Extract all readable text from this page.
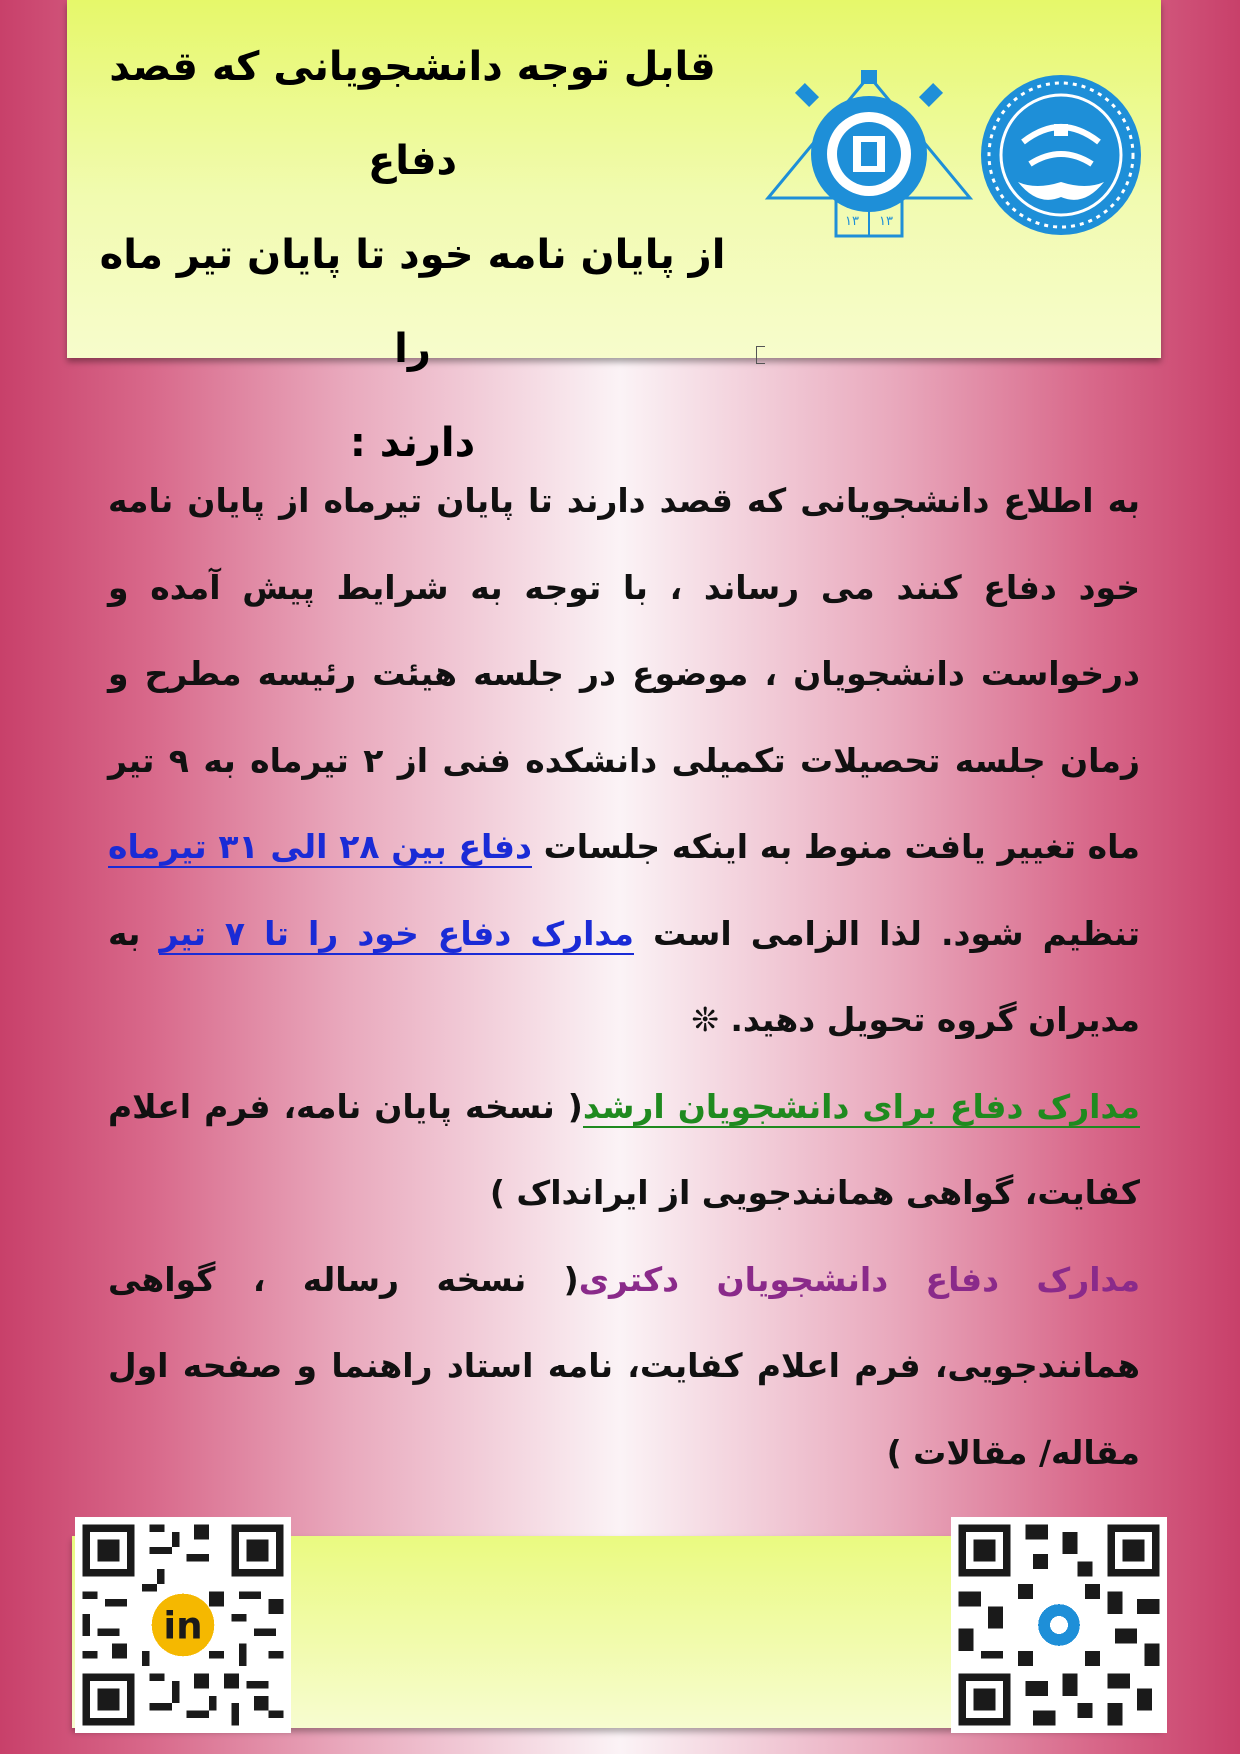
قابل توجه دانشجویانی که قصد دفاع
از پایان نامه خود تا پایان تیر ماه را
دارند :
۱۳ ۱۳

به اطلاع دانشجویانی که قصد دارند تا پایان تیرماه از پایان نامه خود دفاع کنند می رساند ، با توجه به شرایط پیش آمده و درخواست دانشجویان ، موضوع در جلسه هیئت رئیسه مطرح و زمان جلسه تحصیلات تکمیلی دانشکده فنی از ۲ تیرماه به ۹ تیر ماه تغییر یافت منوط به اینکه جلسات دفاع بین ۲۸ الی ۳۱ تیرماه تنظیم شود. لذا الزامی است مدارک دفاع خود را تا ۷ تیر به مدیران گروه تحویل دهید. ❊

مدارک دفاع برای دانشجویان ارشد( نسخه پایان نامه، فرم اعلام کفایت، گواهی همانندجویی از ایرانداک )

مدارک دفاع دانشجویان دکتری( نسخه رساله ، گواهی همانندجویی، فرم اعلام کفایت، نامه استاد راهنما و صفحه اول مقاله/ مقالات )

in
